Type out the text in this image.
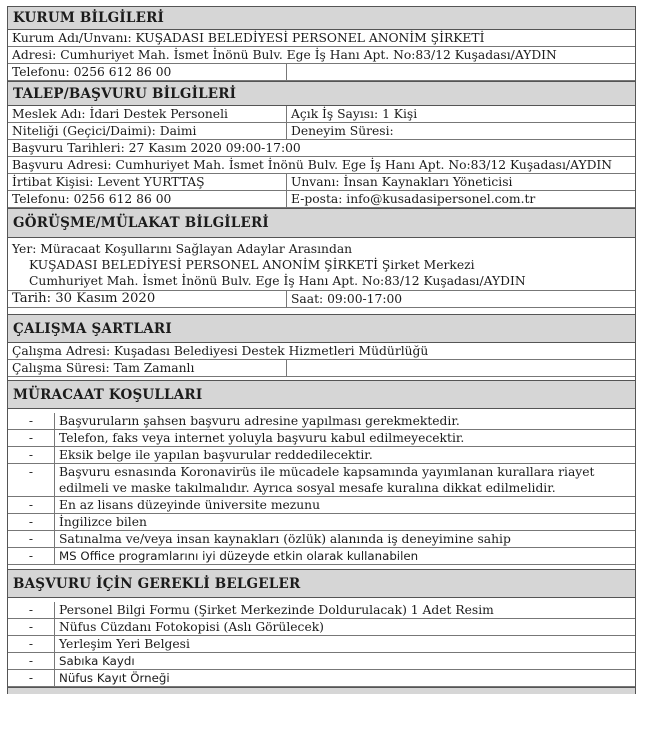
KURUM BİLGİLERİ
Kurum Adı/Unvanı: KUŞADASI BELEDİYESİ PERSONEL ANONİM ŞİRKETİ
Adresi: Cumhuriyet Mah. İsmet İnönü Bulv. Ege İş Hanı Apt. No:83/12 Kuşadası/AYDIN
Telefonu: 0256 612 86 00
TALEP/BAŞVURU BİLGİLERİ
Meslek Adı: İdari Destek Personeli	Açık İş Sayısı: 1 Kişi
Niteliği (Geçici/Daimi): Daimi	Deneyim Süresi:
Başvuru Tarihleri: 27 Kasım 2020 09:00-17:00
Başvuru Adresi: Cumhuriyet Mah. İsmet İnönü Bulv. Ege İş Hanı Apt. No:83/12 Kuşadası/AYDIN
İrtibat Kişisi: Levent YURTTAŞ	Unvanı: İnsan Kaynakları Yöneticisi
Telefonu: 0256 612 86 00	E-posta: info@kusadasipersonel.com.tr
GÖRÜŞME/MÜLAKAT BİLGİLERİ
Yer: Müracaat Koşullarını Sağlayan Adaylar Arasından
KUŞADASI BELEDİYESİ PERSONEL ANONİM ŞİRKETİ Şirket Merkezi
Cumhuriyet Mah. İsmet İnönü Bulv. Ege İş Hanı Apt. No:83/12 Kuşadası/AYDIN
Tarih: 30 Kasım 2020	Saat: 09:00-17:00
ÇALIŞMA ŞARTLARI
Çalışma Adresi: Kuşadası Belediyesi Destek Hizmetleri Müdürlüğü
Çalışma Süresi: Tam Zamanlı
MÜRACAAT KOŞULLARI
-	Başvuruların şahsen başvuru adresine yapılması gerekmektedir.
-	Telefon, faks veya internet yoluyla başvuru kabul edilmeyecektir.
-	Eksik belge ile yapılan başvurular reddedilecektir.
-	Başvuru esnasında Koronavirüs ile mücadele kapsamında yayımlanan kurallara riayet edilmeli ve maske takılmalıdır. Ayrıca sosyal mesafe kuralına dikkat edilmelidir.
-	En az lisans düzeyinde üniversite mezunu
-	İngilizce bilen
-	Satınalma ve/veya insan kaynakları (özlük) alanında iş deneyimine sahip
-	MS Office programlarını iyi düzeyde etkin olarak kullanabilen
BAŞVURU İÇİN GEREKLİ BELGELER
-	Personel Bilgi Formu (Şirket Merkezinde Doldurulacak) 1 Adet Resim
-	Nüfus Cüzdanı Fotokopisi (Aslı Görülecek)
-	Yerleşim Yeri Belgesi
-	Sabıka Kaydı
-	Nüfus Kayıt Örneği
